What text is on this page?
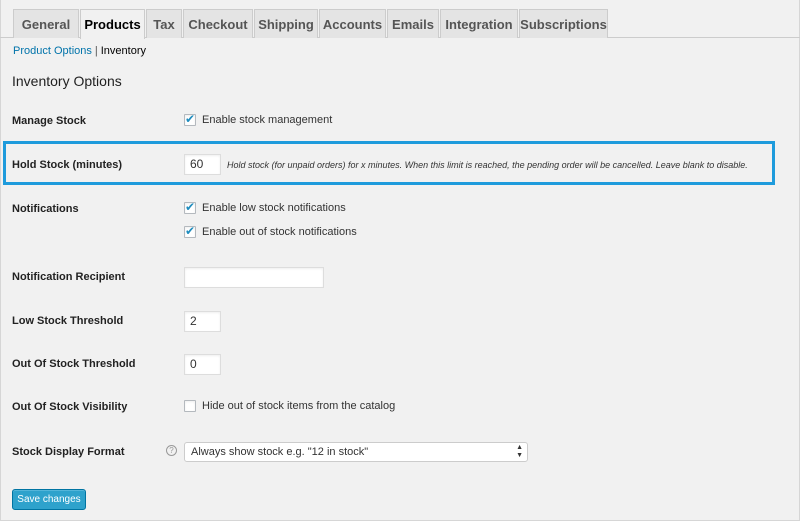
General	Products Tax	Checkout Shipping Accounts Emails Integration Subscriptions
Product Options | Inventory
Inventory Options
Manage Stock	✔ Enable stock management
Hold Stock (minutes)	60	Hold stock (for unpaid orders) for x minutes. When this limit is reached, the pending order will be cancelled. Leave blank to disable.
Notifications	✔ Enable low stock notifications
✔ Enable out of stock notifications
Notification Recipient
Low Stock Threshold	2
Out Of Stock Threshold	0
Out Of Stock Visibility	Hide out of stock items from the catalog
Stock Display Format	?	Always show stock e.g. "12 in stock"	▲
▼
Save changes
